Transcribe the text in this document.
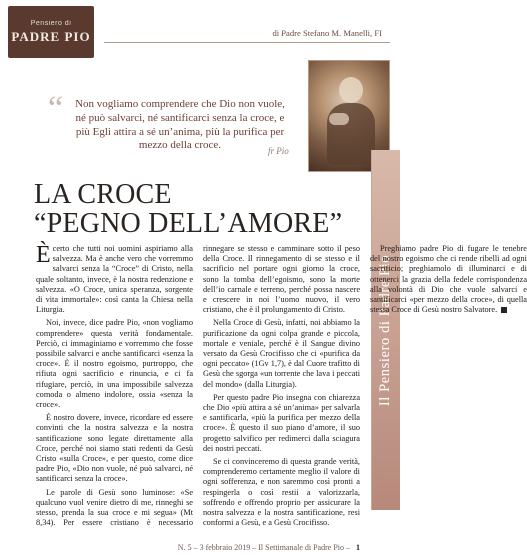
Pensiero di
PADRE PIO	di Padre Stefano M. Manelli, FI
“	Non vogliamo comprendere che Dio non vuole, né può salvarci, né santificarci senza la croce, e più Egli attira a sé un’anima, più la purifica per mezzo della croce.	fr Pio
LA CROCE
“PEGNO DELL’AMORE”
Il Pensiero di Padre Pio

È certo che tutti noi uomini aspiriamo alla salvezza. Ma è anche vero che vorremmo salvarci senza la “Croce” di Cristo, nella quale soltanto, invece, è la nostra redenzione e salvezza. «O Croce, unica speranza, sorgente di vita immortale»: così canta la Chiesa nella Liturgia.

Noi, invece, dice padre Pio, «non vogliamo comprendere» questa verità fondamentale. Perciò, ci immaginiamo e vorremmo che fosse possibile salvarci e anche santificarci «senza la croce». È il nostro egoismo, purtroppo, che rifiuta ogni sacrificio e rinuncia, e ci fa rifugiare, perciò, in una impossibile salvezza comoda o almeno indolore, ossia «senza la croce».

È nostro dovere, invece, ricordare ed essere convinti che la nostra salvezza e la nostra santificazione sono legate direttamente alla Croce, perché noi siamo stati redenti da Gesù Cristo «sulla Croce», e per questo, come dice padre Pio, «Dio non vuole, né può salvarci, né santificarci senza la croce».

Le parole di Gesù sono luminose: «Se qualcuno vuol venire dietro di me, rinneghi se stesso, prenda la sua croce e mi segua» (Mt 8,34). Per essere cristiano è necessario rinnegare se stesso e camminare sotto il peso della Croce. Il rinnegamento di se stesso e il sacrificio nel portare ogni giorno la croce, sono la tomba dell’egoismo, sono la morte dell’io carnale e terreno, perché possa nascere e crescere in noi l’uomo nuovo, il vero cristiano, che è il prolungamento di Cristo.

Nella Croce di Gesù, infatti, noi abbiamo la purificazione da ogni colpa grande e piccola, mortale e veniale, perché è il Sangue divino versato da Gesù Crocifisso che ci «purifica da ogni peccato» (1Gv 1,7), è dal Cuore trafitto di Gesù che sgorga «un torrente che lava i peccati del mondo» (dalla Liturgia).

Per questo padre Pio insegna con chiarezza che Dio «più attira a sé un’anima» per salvarla e santificarla, «più la purifica per mezzo della croce». È questo il suo piano d’amore, il suo progetto salvifico per redimerci dalla sciagura dei nostri peccati.

Se ci convinceremo di questa grande verità, comprenderemo certamente meglio il valore di ogni sofferenza, e non saremmo così pronti a respingerla o così restii a valorizzarla, soffrendo e offrendo proprio per assicurare la nostra salvezza e la nostra santificazione, resi conformi a Gesù, e a Gesù Crocifisso.

Preghiamo padre Pio di fugare le tenebre del nostro egoismo che ci rende ribelli ad ogni sacrificio; preghiamolo di illuminarci e di ottenerci la grazia della fedele corrispondenza alla volontà di Dio che vuole salvarci e santificarci «per mezzo della croce», di quella stessa Croce di Gesù nostro Salvatore.

N. 5 – 3 febbraio 2019 – Il Settimanale di Padre Pio – 1
